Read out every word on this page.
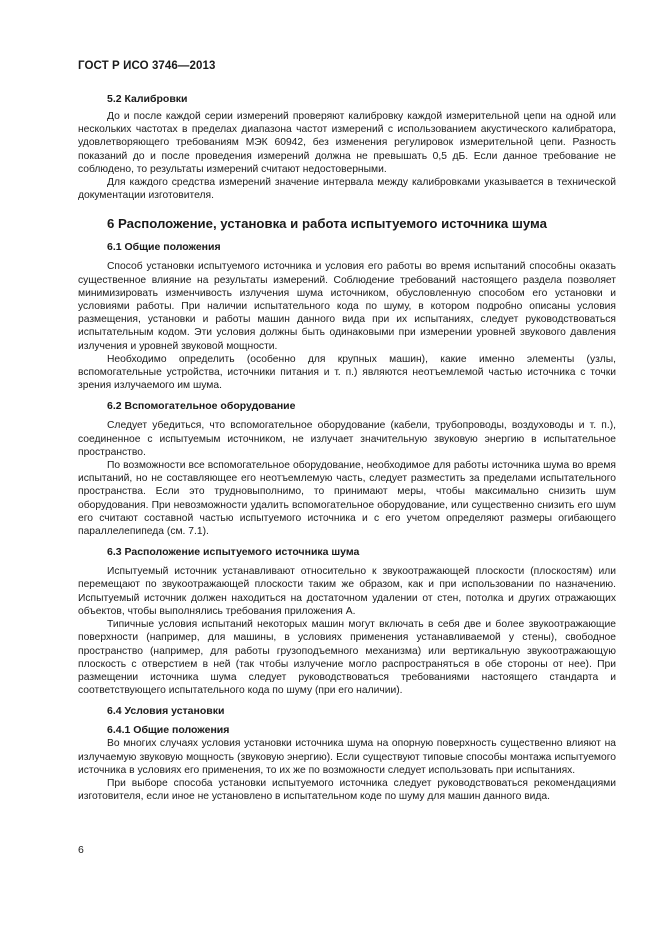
ГОСТ Р ИСО 3746—2013
5.2 Калибровки

До и после каждой серии измерений проверяют калибровку каждой измерительной цепи на одной или нескольких частотах в пределах диапазона частот измерений с использованием акустического калибратора, удовлетворяющего требованиям МЭК 60942, без изменения регулировок измерительной цепи. Разность показаний до и после проведения измерений должна не превышать 0,5 дБ. Если данное требование не соблюдено, то результаты измерений считают недостоверными.

Для каждого средства измерений значение интервала между калибровками указывается в технической документации изготовителя.

6 Расположение, установка и работа испытуемого источника шума
6.1 Общие положения

Способ установки испытуемого источника и условия его работы во время испытаний способны оказать существенное влияние на результаты измерений. Соблюдение требований настоящего раздела позволяет минимизировать изменчивость излучения шума источником, обусловленную способом его установки и условиями работы. При наличии испытательного кода по шуму, в котором подробно описаны условия размещения, установки и работы машин данного вида при их испытаниях, следует руководствоваться испытательным кодом. Эти условия должны быть одинаковыми при измерении уровней звукового давления излучения и уровней звуковой мощности.

Необходимо определить (особенно для крупных машин), какие именно элементы (узлы, вспомогательные устройства, источники питания и т. п.) являются неотъемлемой частью источника с точки зрения излучаемого им шума.

6.2 Вспомогательное оборудование

Следует убедиться, что вспомогательное оборудование (кабели, трубопроводы, воздуховоды и т. п.), соединенное с испытуемым источником, не излучает значительную звуковую энергию в испытательное пространство.

По возможности все вспомогательное оборудование, необходимое для работы источника шума во время испытаний, но не составляющее его неотъемлемую часть, следует разместить за пределами испытательного пространства. Если это трудновыполнимо, то принимают меры, чтобы максимально снизить шум оборудования. При невозможности удалить вспомогательное оборудование, или существенно снизить его шум его считают составной частью испытуемого источника и с его учетом определяют размеры огибающего параллелепипеда (см. 7.1).

6.3 Расположение испытуемого источника шума

Испытуемый источник устанавливают относительно к звукоотражающей плоскости (плоскостям) или перемещают по звукоотражающей плоскости таким же образом, как и при использовании по назначению. Испытуемый источник должен находиться на достаточном удалении от стен, потолка и других отражающих объектов, чтобы выполнялись требования приложения А.

Типичные условия испытаний некоторых машин могут включать в себя две и более звукоотражающие поверхности (например, для машины, в условиях применения устанавливаемой у стены), свободное пространство (например, для работы грузоподъемного механизма) или вертикальную звукоотражающую плоскость с отверстием в ней (так чтобы излучение могло распространяться в обе стороны от нее). При размещении источника шума следует руководствоваться требованиями настоящего стандарта и соответствующего испытательного кода по шуму (при его наличии).

6.4 Условия установки
6.4.1 Общие положения

Во многих случаях условия установки источника шума на опорную поверхность существенно влияют на излучаемую звуковую мощность (звуковую энергию). Если существуют типовые способы монтажа испытуемого источника в условиях его применения, то их же по возможности следует использовать при испытаниях.

При выборе способа установки испытуемого источника следует руководствоваться рекомендациями изготовителя, если иное не установлено в испытательном коде по шуму для машин данного вида.

6
